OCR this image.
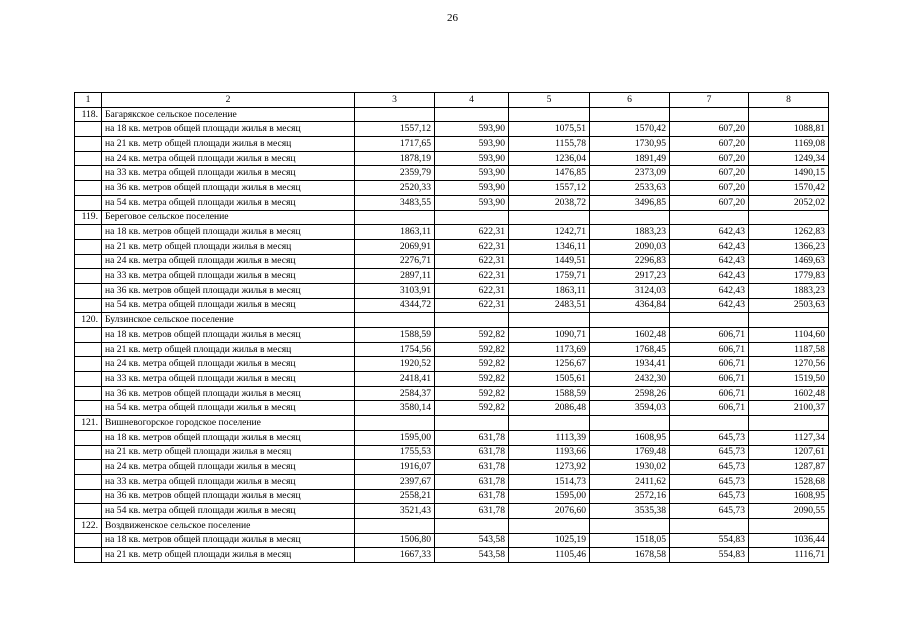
26
1	2	3	4	5	6	7	8
118.	Багарякское сельское поселение						
	на 18 кв. метров общей площади жилья в месяц	1557,12	593,90	1075,51	1570,42	607,20	1088,81
	на 21 кв. метр общей площади жилья в месяц	1717,65	593,90	1155,78	1730,95	607,20	1169,08
	на 24 кв. метра общей площади жилья в месяц	1878,19	593,90	1236,04	1891,49	607,20	1249,34
	на 33 кв. метра общей площади жилья в месяц	2359,79	593,90	1476,85	2373,09	607,20	1490,15
	на 36 кв. метров общей площади жилья в месяц	2520,33	593,90	1557,12	2533,63	607,20	1570,42
	на 54 кв. метра общей площади жилья в месяц	3483,55	593,90	2038,72	3496,85	607,20	2052,02
119.	Береговое сельское поселение						
	на 18 кв. метров общей площади жилья в месяц	1863,11	622,31	1242,71	1883,23	642,43	1262,83
	на 21 кв. метр общей площади жилья в месяц	2069,91	622,31	1346,11	2090,03	642,43	1366,23
	на 24 кв. метра общей площади жилья в месяц	2276,71	622,31	1449,51	2296,83	642,43	1469,63
	на 33 кв. метра общей площади жилья в месяц	2897,11	622,31	1759,71	2917,23	642,43	1779,83
	на 36 кв. метров общей площади жилья в месяц	3103,91	622,31	1863,11	3124,03	642,43	1883,23
	на 54 кв. метра общей площади жилья в месяц	4344,72	622,31	2483,51	4364,84	642,43	2503,63
120.	Булзинское сельское поселение						
	на 18 кв. метров общей площади жилья в месяц	1588,59	592,82	1090,71	1602,48	606,71	1104,60
	на 21 кв. метр общей площади жилья в месяц	1754,56	592,82	1173,69	1768,45	606,71	1187,58
	на 24 кв. метра общей площади жилья в месяц	1920,52	592,82	1256,67	1934,41	606,71	1270,56
	на 33 кв. метра общей площади жилья в месяц	2418,41	592,82	1505,61	2432,30	606,71	1519,50
	на 36 кв. метров общей площади жилья в месяц	2584,37	592,82	1588,59	2598,26	606,71	1602,48
	на 54 кв. метра общей площади жилья в месяц	3580,14	592,82	2086,48	3594,03	606,71	2100,37
121.	Вишневогорское городское поселение						
	на 18 кв. метров общей площади жилья в месяц	1595,00	631,78	1113,39	1608,95	645,73	1127,34
	на 21 кв. метр общей площади жилья в месяц	1755,53	631,78	1193,66	1769,48	645,73	1207,61
	на 24 кв. метра общей площади жилья в месяц	1916,07	631,78	1273,92	1930,02	645,73	1287,87
	на 33 кв. метра общей площади жилья в месяц	2397,67	631,78	1514,73	2411,62	645,73	1528,68
	на 36 кв. метров общей площади жилья в месяц	2558,21	631,78	1595,00	2572,16	645,73	1608,95
	на 54 кв. метра общей площади жилья в месяц	3521,43	631,78	2076,60	3535,38	645,73	2090,55
122.	Воздвиженское сельское поселение						
	на 18 кв. метров общей площади жилья в месяц	1506,80	543,58	1025,19	1518,05	554,83	1036,44
	на 21 кв. метр общей площади жилья в месяц	1667,33	543,58	1105,46	1678,58	554,83	1116,71
